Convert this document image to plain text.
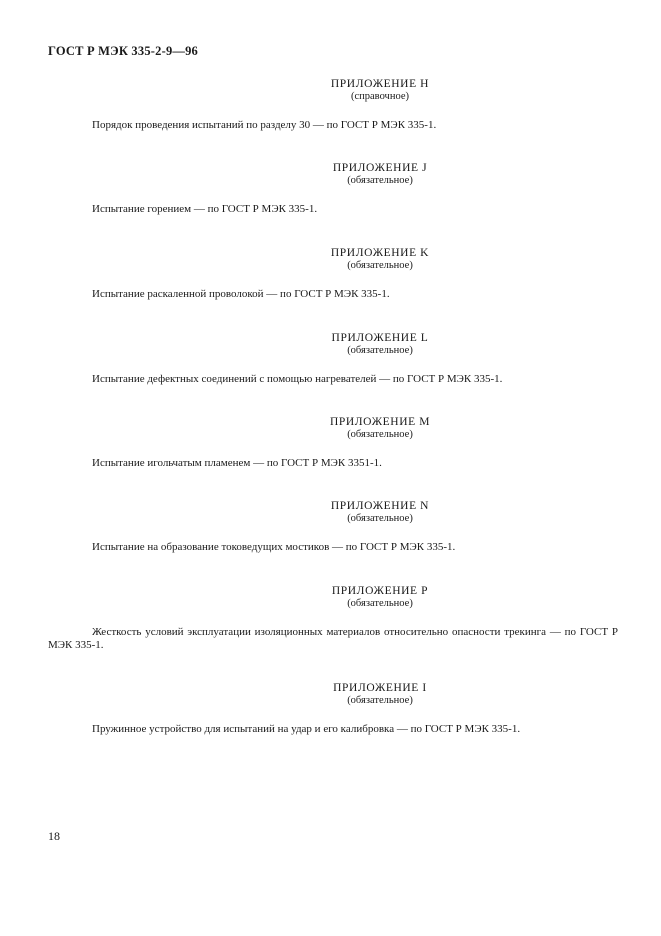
ГОСТ Р МЭК 335-2-9—96
ПРИЛОЖЕНИЕ H
(справочное)
Порядок проведения испытаний по разделу 30 — по ГОСТ Р МЭК 335-1.
ПРИЛОЖЕНИЕ J
(обязательное)
Испытание горением — по ГОСТ Р МЭК 335-1.
ПРИЛОЖЕНИЕ K
(обязательное)
Испытание раскаленной проволокой — по ГОСТ Р МЭК 335-1.
ПРИЛОЖЕНИЕ L
(обязательное)
Испытание дефектных соединений с помощью нагревателей — по ГОСТ Р МЭК 335-1.
ПРИЛОЖЕНИЕ M
(обязательное)
Испытание игольчатым пламенем — по ГОСТ Р МЭК 3351-1.
ПРИЛОЖЕНИЕ N
(обязательное)
Испытание на образование токоведущих мостиков — по ГОСТ Р МЭК 335-1.
ПРИЛОЖЕНИЕ P
(обязательное)
Жесткость условий эксплуатации изоляционных материалов относительно опасности трекинга — по ГОСТ Р МЭК 335-1.
ПРИЛОЖЕНИЕ I
(обязательное)
Пружинное устройство для испытаний на удар и его калибровка — по ГОСТ Р МЭК 335-1.
18
